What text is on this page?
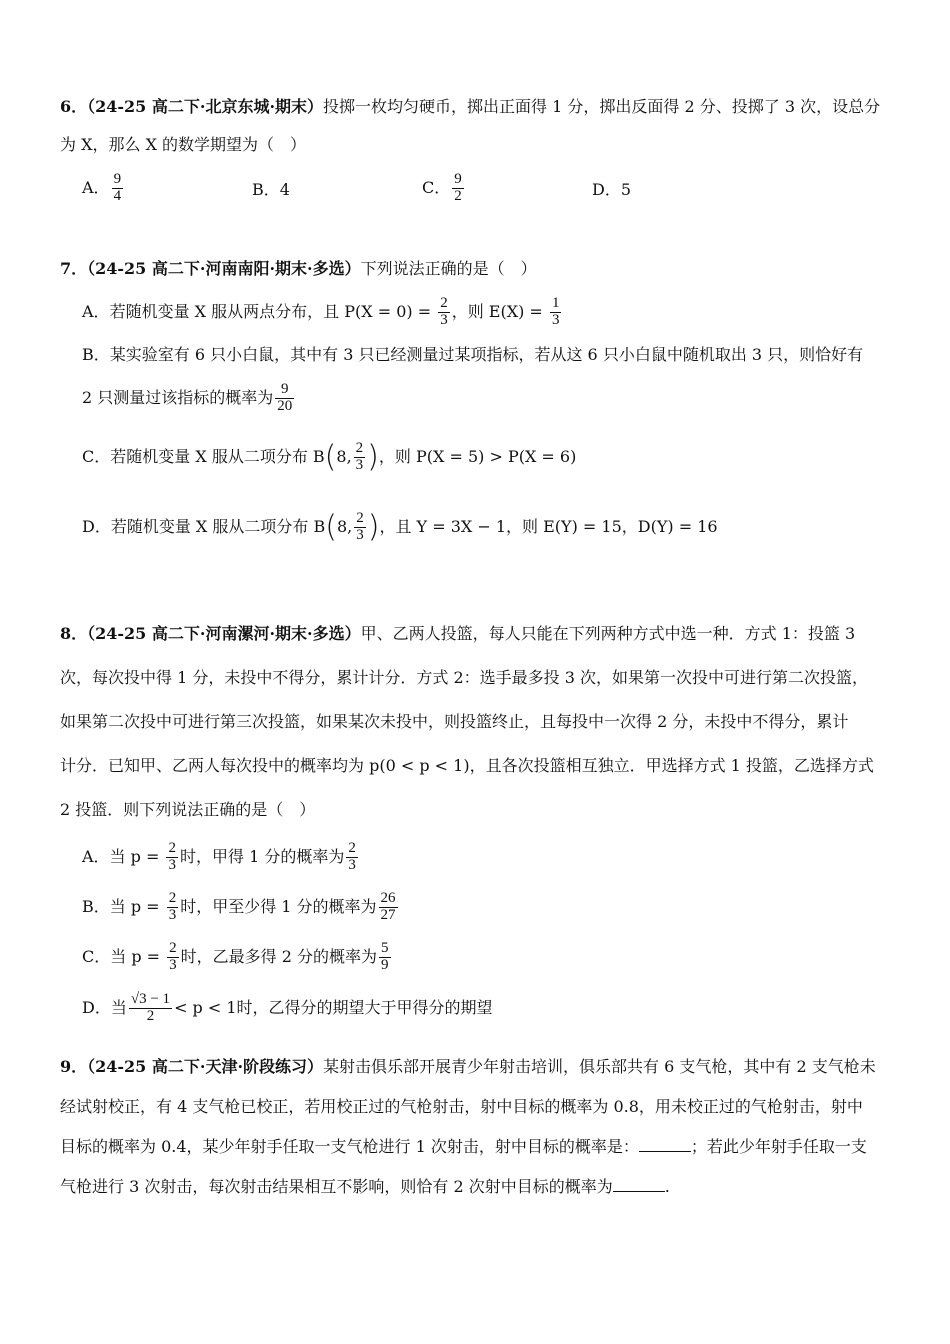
6．（24-25 高二下·北京东城·期末）投掷一枚均匀硬币，掷出正面得 1 分，掷出反面得 2 分、投掷了 3 次，设总分
为 X，那么 X 的数学期望为（　）
A． $\frac{9}{4}$	B．4	C． $\frac{9}{2}$	D．5
7．（24-25 高二下·河南南阳·期末·多选）下列说法正确的是（　）
A．若随机变量 X 服从两点分布，且 $P(X = 0) = \frac{2}{3}$ ，则 $E(X) = \frac{1}{3}$
B．某实验室有 6 只小白鼠，其中有 3 只已经测量过某项指标，若从这 6 只小白鼠中随机取出 3 只，则恰好有
2 只测量过该指标的概率为 $\frac{9}{20}$
C．若随机变量 X 服从二项分布 B(8, $\frac{2}{3}$ )，则 P(X = 5) > P(X = 6)
D．若随机变量 X 服从二项分布 B(8, $\frac{2}{3}$ )，且 Y = 3X − 1，则 E(Y) = 15，D(Y) = 16
8．（24-25 高二下·河南漯河·期末·多选）甲、乙两人投篮，每人只能在下列两种方式中选一种．方式 1：投篮 3
次，每次投中得 1 分，未投中不得分，累计计分．方式 2：选手最多投 3 次，如果第一次投中可进行第二次投篮，
如果第二次投中可进行第三次投篮，如果某次未投中，则投篮终止，且每投中一次得 2 分，未投中不得分，累计
计分．已知甲、乙两人每次投中的概率均为 p(0 < p < 1)，且各次投篮相互独立．甲选择方式 1 投篮，乙选择方式
2 投篮．则下列说法正确的是（　）
A．当 $p = \frac{2}{3}$ 时，甲得 1 分的概率为 $\frac{2}{3}$
B．当 $p = \frac{2}{3}$ 时，甲至少得 1 分的概率为 $\frac{26}{27}$
C．当 $p = \frac{2}{3}$ 时，乙最多得 2 分的概率为 $\frac{5}{9}$
D．当 $\frac{√3 - 1}{2} < p < 1$时，乙得分的期望大于甲得分的期望
9．（24-25 高二下·天津·阶段练习）某射击俱乐部开展青少年射击培训，俱乐部共有 6 支气枪，其中有 2 支气枪未
经试射校正，有 4 支气枪已校正，若用校正过的气枪射击，射中目标的概率为 0.8，用未校正过的气枪射击，射中
目标的概率为 0.4，某少年射手任取一支气枪进行 1 次射击，射中目标的概率是：	；若此少年射手任取一支
气枪进行 3 次射击，每次射击结果相互不影响，则恰有 2 次射中目标的概率为	.
